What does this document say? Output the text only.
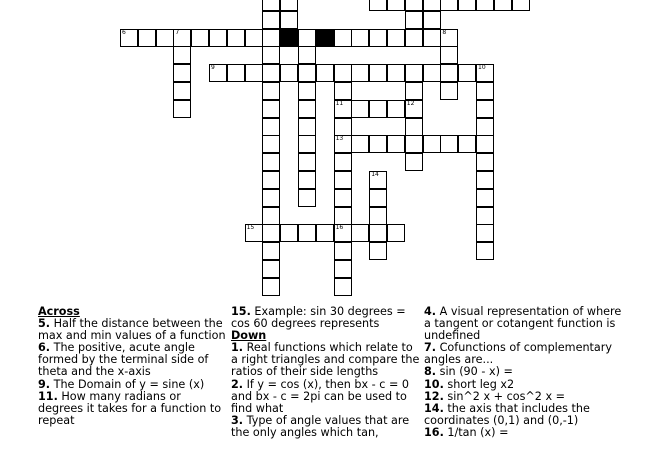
6	7	8
9	10
11	12
13
14
15	16

Across

5. Half the distance between the max and min values of a function

6. The positive, acute angle formed by the terminal side of theta and the x-axis

9. The Domain of y = sine (x)

11. How many radians or degrees it takes for a function to repeat

15. Example: sin 30 degrees = cos 60 degrees represents

Down

1. Real functions which relate to a right triangles and compare the ratios of their side lengths

2. If y = cos (x), then bx - c = 0 and bx - c = 2pi can be used to find what

3. Type of angle values that are the only angles which tan,

4. A visual representation of where a tangent or cotangent function is undefined

7. Cofunctions of complementary angles are...

8. sin (90 - x) =

10. short leg x2

12. sin^2 x + cos^2 x =

14. the axis that includes the coordinates (0,1) and (0,-1)

16. 1/tan (x) =
